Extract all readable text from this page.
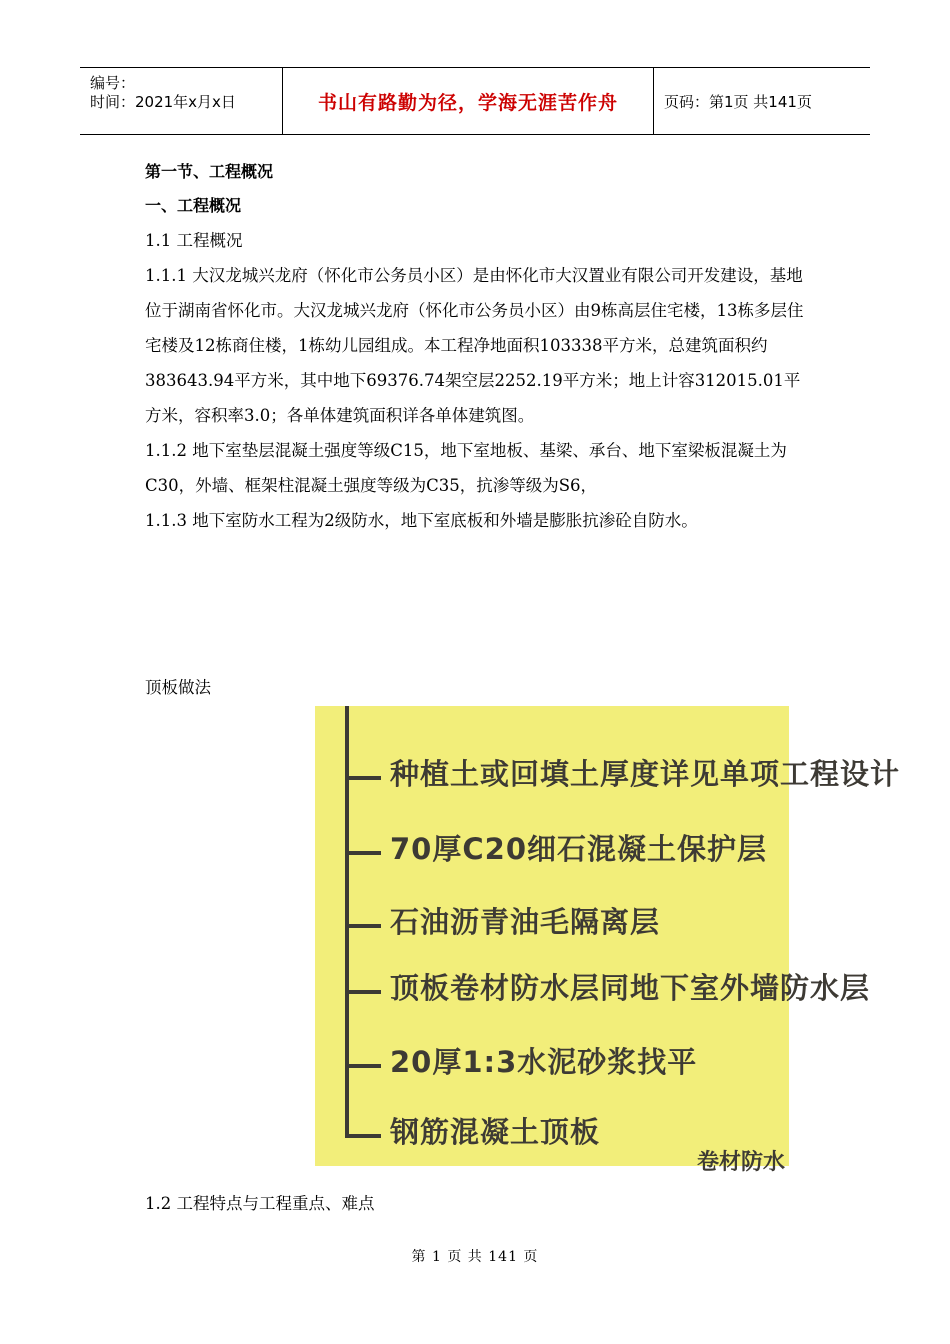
编号：
时间：2021年x月x日	书山有路勤为径，学海无涯苦作舟	页码：第1页 共141页

第一节、工程概况

一、工程概况

1.1 工程概况

1.1.1 大汉龙城兴龙府（怀化市公务员小区）是由怀化市大汉置业有限公司开发建设，基地位于湖南省怀化市。大汉龙城兴龙府（怀化市公务员小区）由9栋高层住宅楼，13栋多层住宅楼及12栋商住楼，1栋幼儿园组成。本工程净地面积103338平方米，总建筑面积约383643.94平方米，其中地下69376.74架空层2252.19平方米；地上计容312015.01平方米，容积率3.0；各单体建筑面积详各单体建筑图。

1.1.2 地下室垫层混凝土强度等级C15，地下室地板、基梁、承台、地下室梁板混凝土为C30，外墙、框架柱混凝土强度等级为C35，抗渗等级为S6，

1.1.3 地下室防水工程为2级防水，地下室底板和外墙是膨胀抗渗砼自防水。

顶板做法

种植土或回填土厚度详见单项工程设计
70厚C20细石混凝土保护层
石油沥青油毛隔离层
顶板卷材防水层同地下室外墙防水层
20厚1:3水泥砂浆找平
钢筋混凝土顶板
卷材防水

1.2 工程特点与工程重点、难点

第 1 页 共 141 页
